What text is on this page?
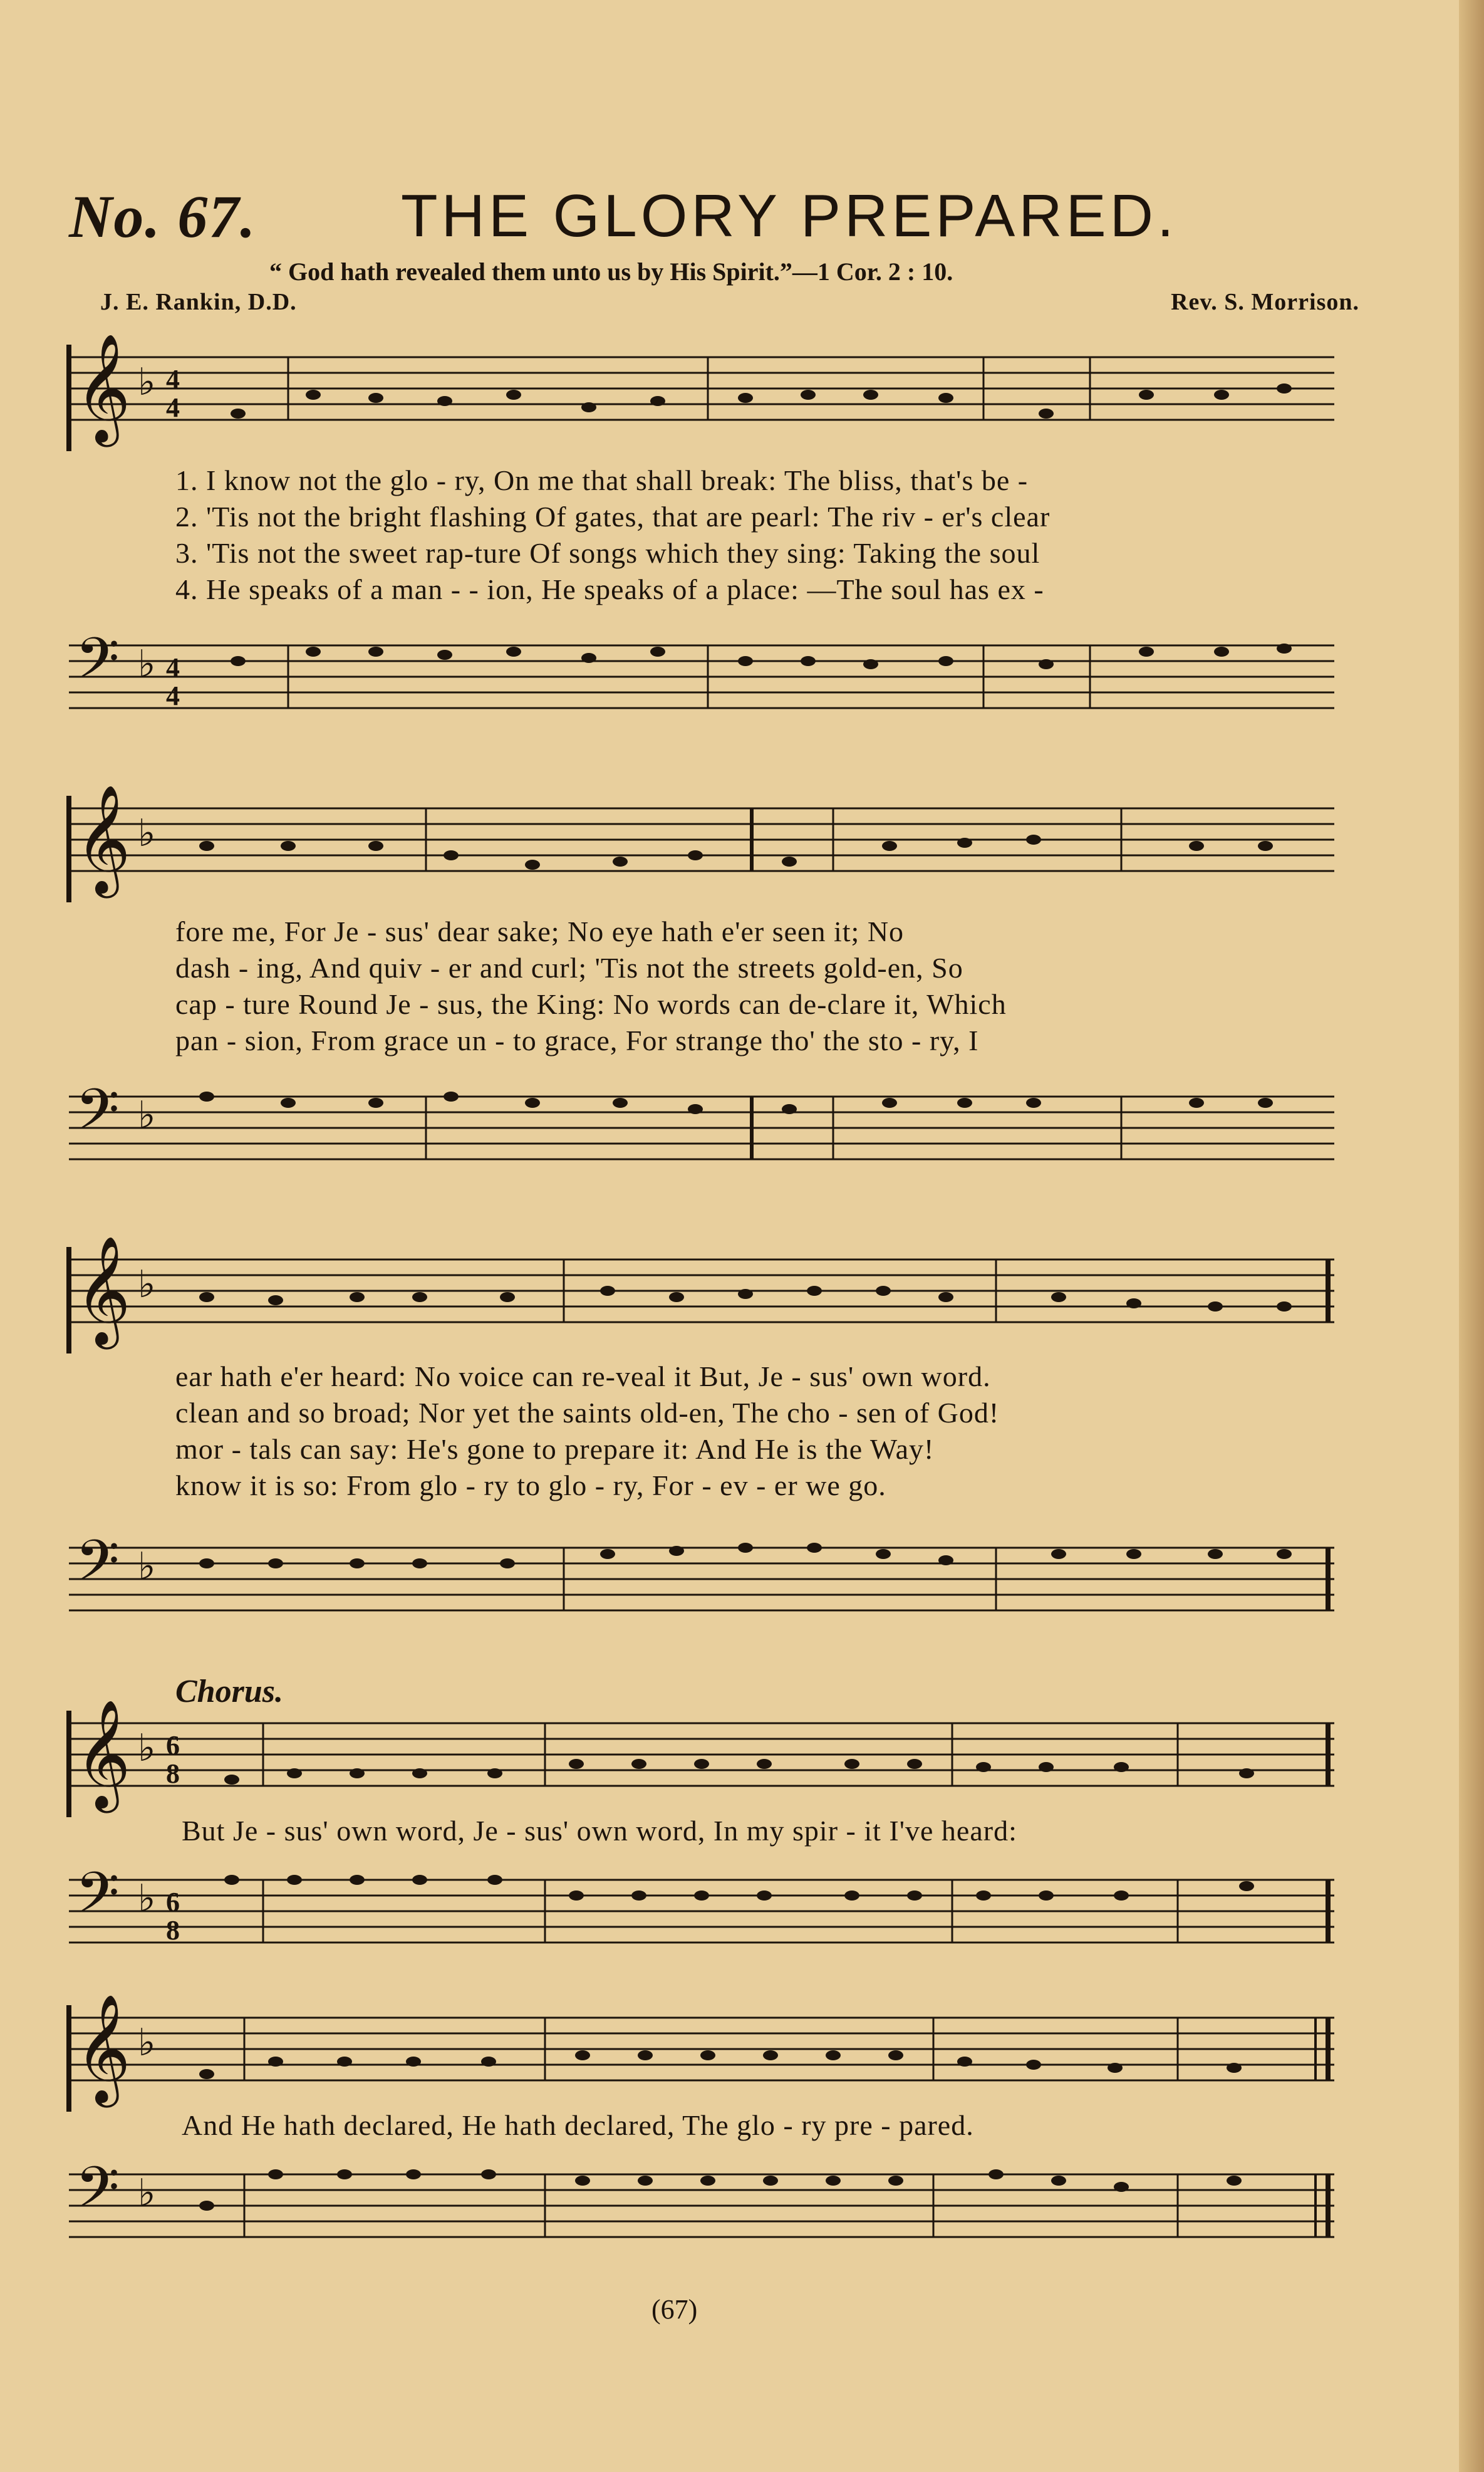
No. 67. THE GLORY PREPARED.
“ God hath revealed them unto us by His Spirit.”—1 Cor. 2 : 10.
J. E. Rankin, D.D.	Rev. S. Morrison.
𝄞 ♭ 4
4
1. I know not the glo - ry, On me that shall break: The bliss, that's be -
2. 'Tis not the bright flashing Of gates, that are pearl: The riv - er's clear
3. 'Tis not the sweet rap-ture Of songs which they sing: Taking the soul
4. He speaks of a man - - ion, He speaks of a place: —The soul has ex -
𝄢 ♭ 4
4
𝄞 ♭
fore me, For Je - sus' dear sake; No eye hath e'er seen it; No
dash - ing, And quiv - er and curl; 'Tis not the streets gold-en, So
cap - ture Round Je - sus, the King: No words can de-clare it, Which
pan - sion, From grace un - to grace, For strange tho' the sto - ry, I
𝄢 ♭
𝄞 ♭
ear hath e'er heard: No voice can re-veal it But, Je - sus' own word.
clean and so broad; Nor yet the saints old-en, The cho - sen of God!
mor - tals can say: He's gone to prepare it: And He is the Way!
know it is so: From glo - ry to glo - ry, For - ev - er we go.
𝄢 ♭
Chorus.
𝄞 ♭ 6
8
But Je - sus' own word, Je - sus' own word, In my spir - it I've heard:
𝄢 ♭ 6
8
𝄞 ♭
And He hath declared, He hath declared, The glo - ry pre - pared.
𝄢 ♭
(67)
